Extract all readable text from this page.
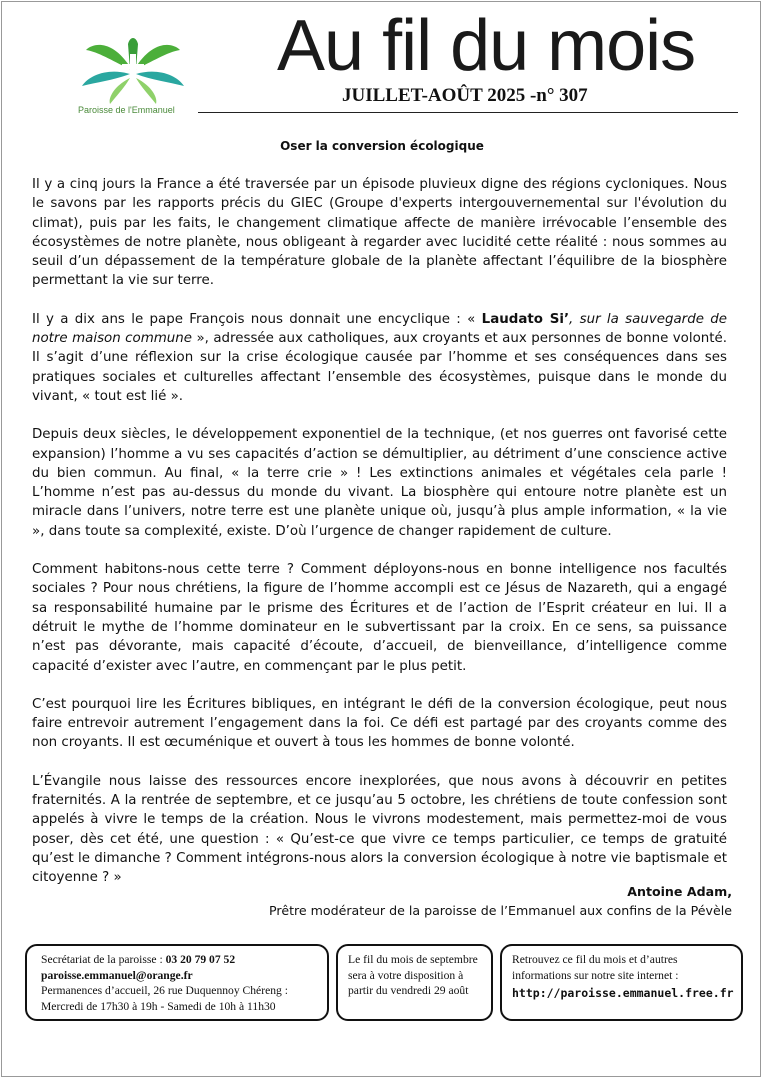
Paroisse de l'Emmanuel
Au fil du mois
JUILLET-AOÛT 2025 -n° 307
Oser la conversion écologique

Il y a cinq jours la France a été traversée par un épisode pluvieux digne des régions cycloniques. Nous le savons par les rapports précis du GIEC (Groupe d'experts intergouvernemental sur l'évolution du climat), puis par les faits, le changement climatique affecte de manière irrévocable l’ensemble des écosystèmes de notre planète, nous obligeant à regarder avec lucidité cette réalité : nous sommes au seuil d’un dépassement de la température globale de la planète affectant l’équilibre de la biosphère permettant la vie sur terre.

Il y a dix ans le pape François nous donnait une encyclique : « Laudato Si’, sur la sauvegarde de notre maison commune », adressée aux catholiques, aux croyants et aux personnes de bonne volonté. Il s’agit d’une réflexion sur la crise écologique causée par l’homme et ses conséquences dans ses pratiques sociales et culturelles affectant l’ensemble des écosystèmes, puisque dans le monde du vivant, « tout est lié ».

Depuis deux siècles, le développement exponentiel de la technique, (et nos guerres ont favorisé cette expansion) l’homme a vu ses capacités d’action se démultiplier, au détriment d’une conscience active du bien commun. Au final, « la terre crie » ! Les extinctions animales et végétales cela parle ! L’homme n’est pas au-dessus du monde du vivant. La biosphère qui entoure notre planète est un miracle dans l’univers, notre terre est une planète unique où, jusqu’à plus ample information, « la vie », dans toute sa complexité, existe. D’où l’urgence de changer rapidement de culture.

Comment habitons-nous cette terre ? Comment déployons-nous en bonne intelligence nos facultés sociales ? Pour nous chrétiens, la figure de l’homme accompli est ce Jésus de Nazareth, qui a engagé sa responsabilité humaine par le prisme des Écritures et de l’action de l’Esprit créateur en lui. Il a détruit le mythe de l’homme dominateur en le subvertissant par la croix. En ce sens, sa puissance n’est pas dévorante, mais capacité d’écoute, d’accueil, de bienveillance, d’intelligence comme capacité d’exister avec l’autre, en commençant par le plus petit.

C’est pourquoi lire les Écritures bibliques, en intégrant le défi de la conversion écologique, peut nous faire entrevoir autrement l’engagement dans la foi. Ce défi est partagé par des croyants comme des non croyants. Il est œcuménique et ouvert à tous les hommes de bonne volonté.

L’Évangile nous laisse des ressources encore inexplorées, que nous avons à découvrir en petites fraternités. A la rentrée de septembre, et ce jusqu’au 5 octobre, les chrétiens de toute confession sont appelés à vivre le temps de la création. Nous le vivrons modestement, mais permettez-moi de vous poser, dès cet été, une question : « Qu’est-ce que vivre ce temps particulier, ce temps de gratuité qu’est le dimanche ? Comment intégrons-nous alors la conversion écologique à notre vie baptismale et citoyenne ? »

Antoine Adam,
Prêtre modérateur de la paroisse de l’Emmanuel aux confins de la Pévèle
Secrétariat de la paroisse : 03 20 79 07 52
paroisse.emmanuel@orange.fr
Permanences d’accueil, 26 rue Duquennoy Chéreng :
Mercredi de 17h30 à 19h - Samedi de 10h à 11h30
Le fil du mois de septembre sera à votre disposition à partir du vendredi 29 août
Retrouvez ce fil du mois et d’autres informations sur notre site internet :
http://paroisse.emmanuel.free.fr
